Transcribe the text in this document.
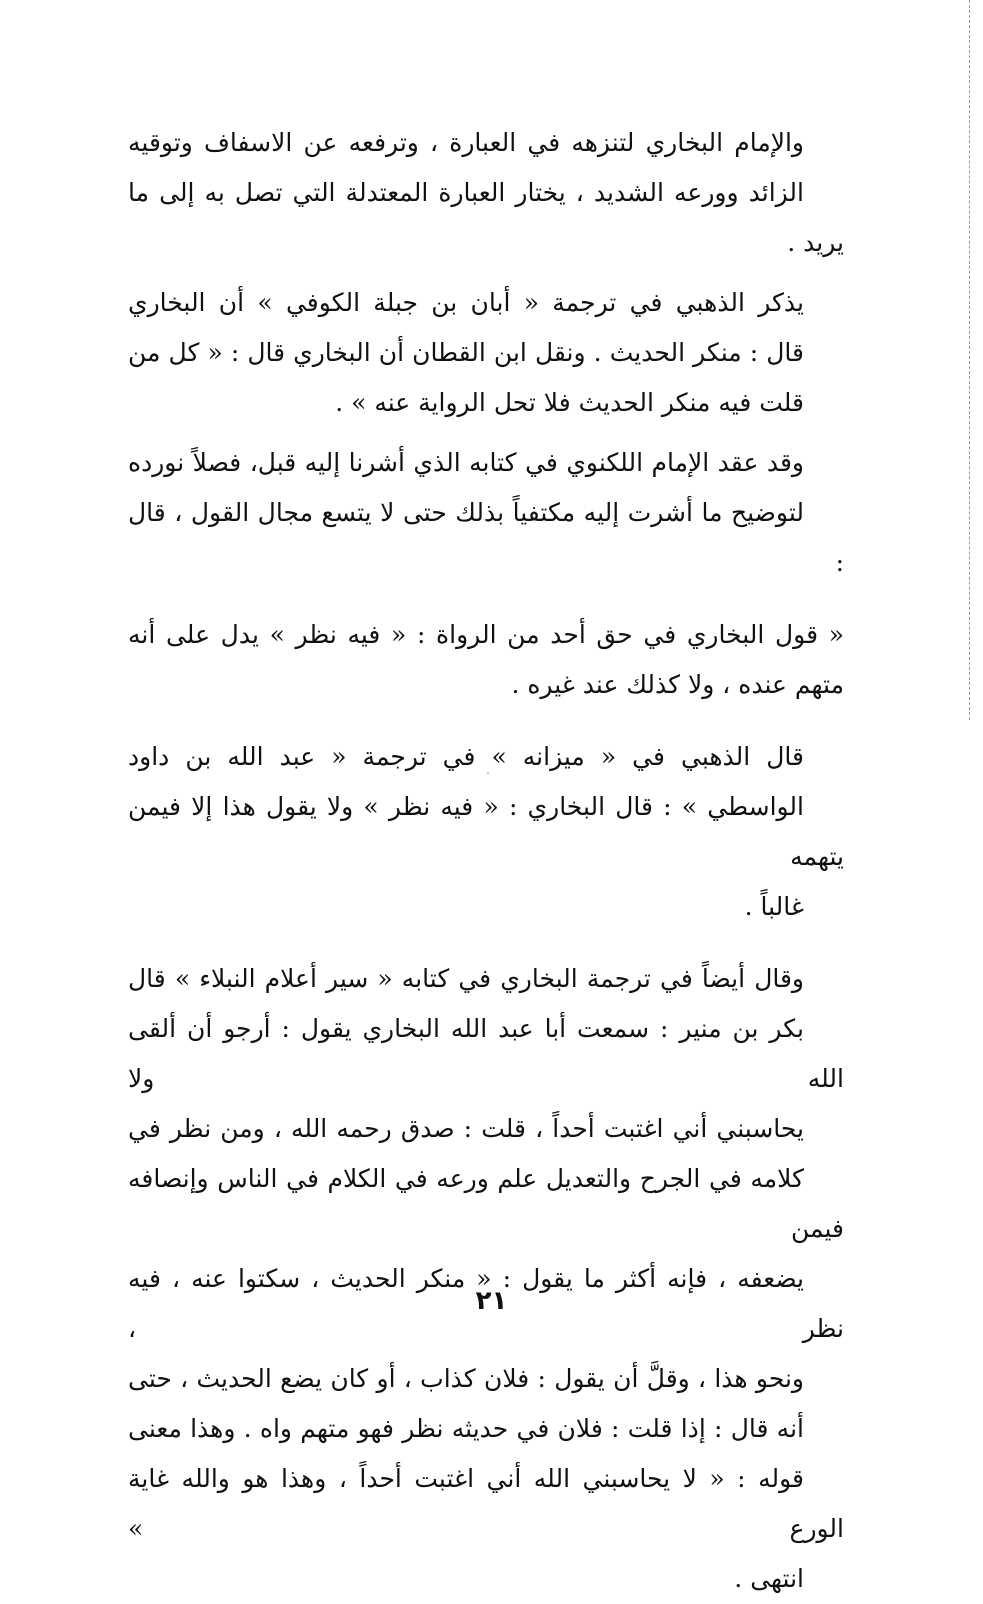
والإمام البخاري لتنزهه في العبارة ، وترفعه عن الاسفاف وتوقيه
الزائد وورعه الشديد ، يختار العبارة المعتدلة التي تصل به إلى ما يريد .

يذكر الذهبي في ترجمة « أبان بن جبلة الكوفي » أن البخاري
قال : منكر الحديث . ونقل ابن القطان أن البخاري قال : « كل من
قلت فيه منكر الحديث فلا تحل الرواية عنه » .

وقد عقد الإمام اللكنوي في كتابه الذي أشرنا إليه قبل، فصلاً نورده
لتوضيح ما أشرت إليه مكتفياً بذلك حتى لا يتسع مجال القول ، قال :

« قول البخاري في حق أحد من الرواة : « فيه نظر » يدل على أنه
متهم عنده ، ولا كذلك عند غيره .

قال الذهبي في « ميزانه » في ترجمة « عبد الله بن داود
الواسطي » : قال البخاري : « فيه نظر » ولا يقول هذا إلا فيمن يتهمه
غالباً .

وقال أيضاً في ترجمة البخاري في كتابه « سير أعلام النبلاء » قال
بكر بن منير : سمعت أبا عبد الله البخاري يقول : أرجو أن ألقى الله ولا
يحاسبني أني اغتبت أحداً ، قلت : صدق رحمه الله ، ومن نظر في
كلامه في الجرح والتعديل علم ورعه في الكلام في الناس وإنصافه فيمن
يضعفه ، فإنه أكثر ما يقول : « منكر الحديث ، سكتوا عنه ، فيه نظر ،
ونحو هذا ، وقلَّ أن يقول : فلان كذاب ، أو كان يضع الحديث ، حتى
أنه قال : إذا قلت : فلان في حديثه نظر فهو متهم واه . وهذا معنى
قوله : « لا يحاسبني الله أني اغتبت أحداً ، وهذا هو والله غاية الورع »
انتهى .

٢١
